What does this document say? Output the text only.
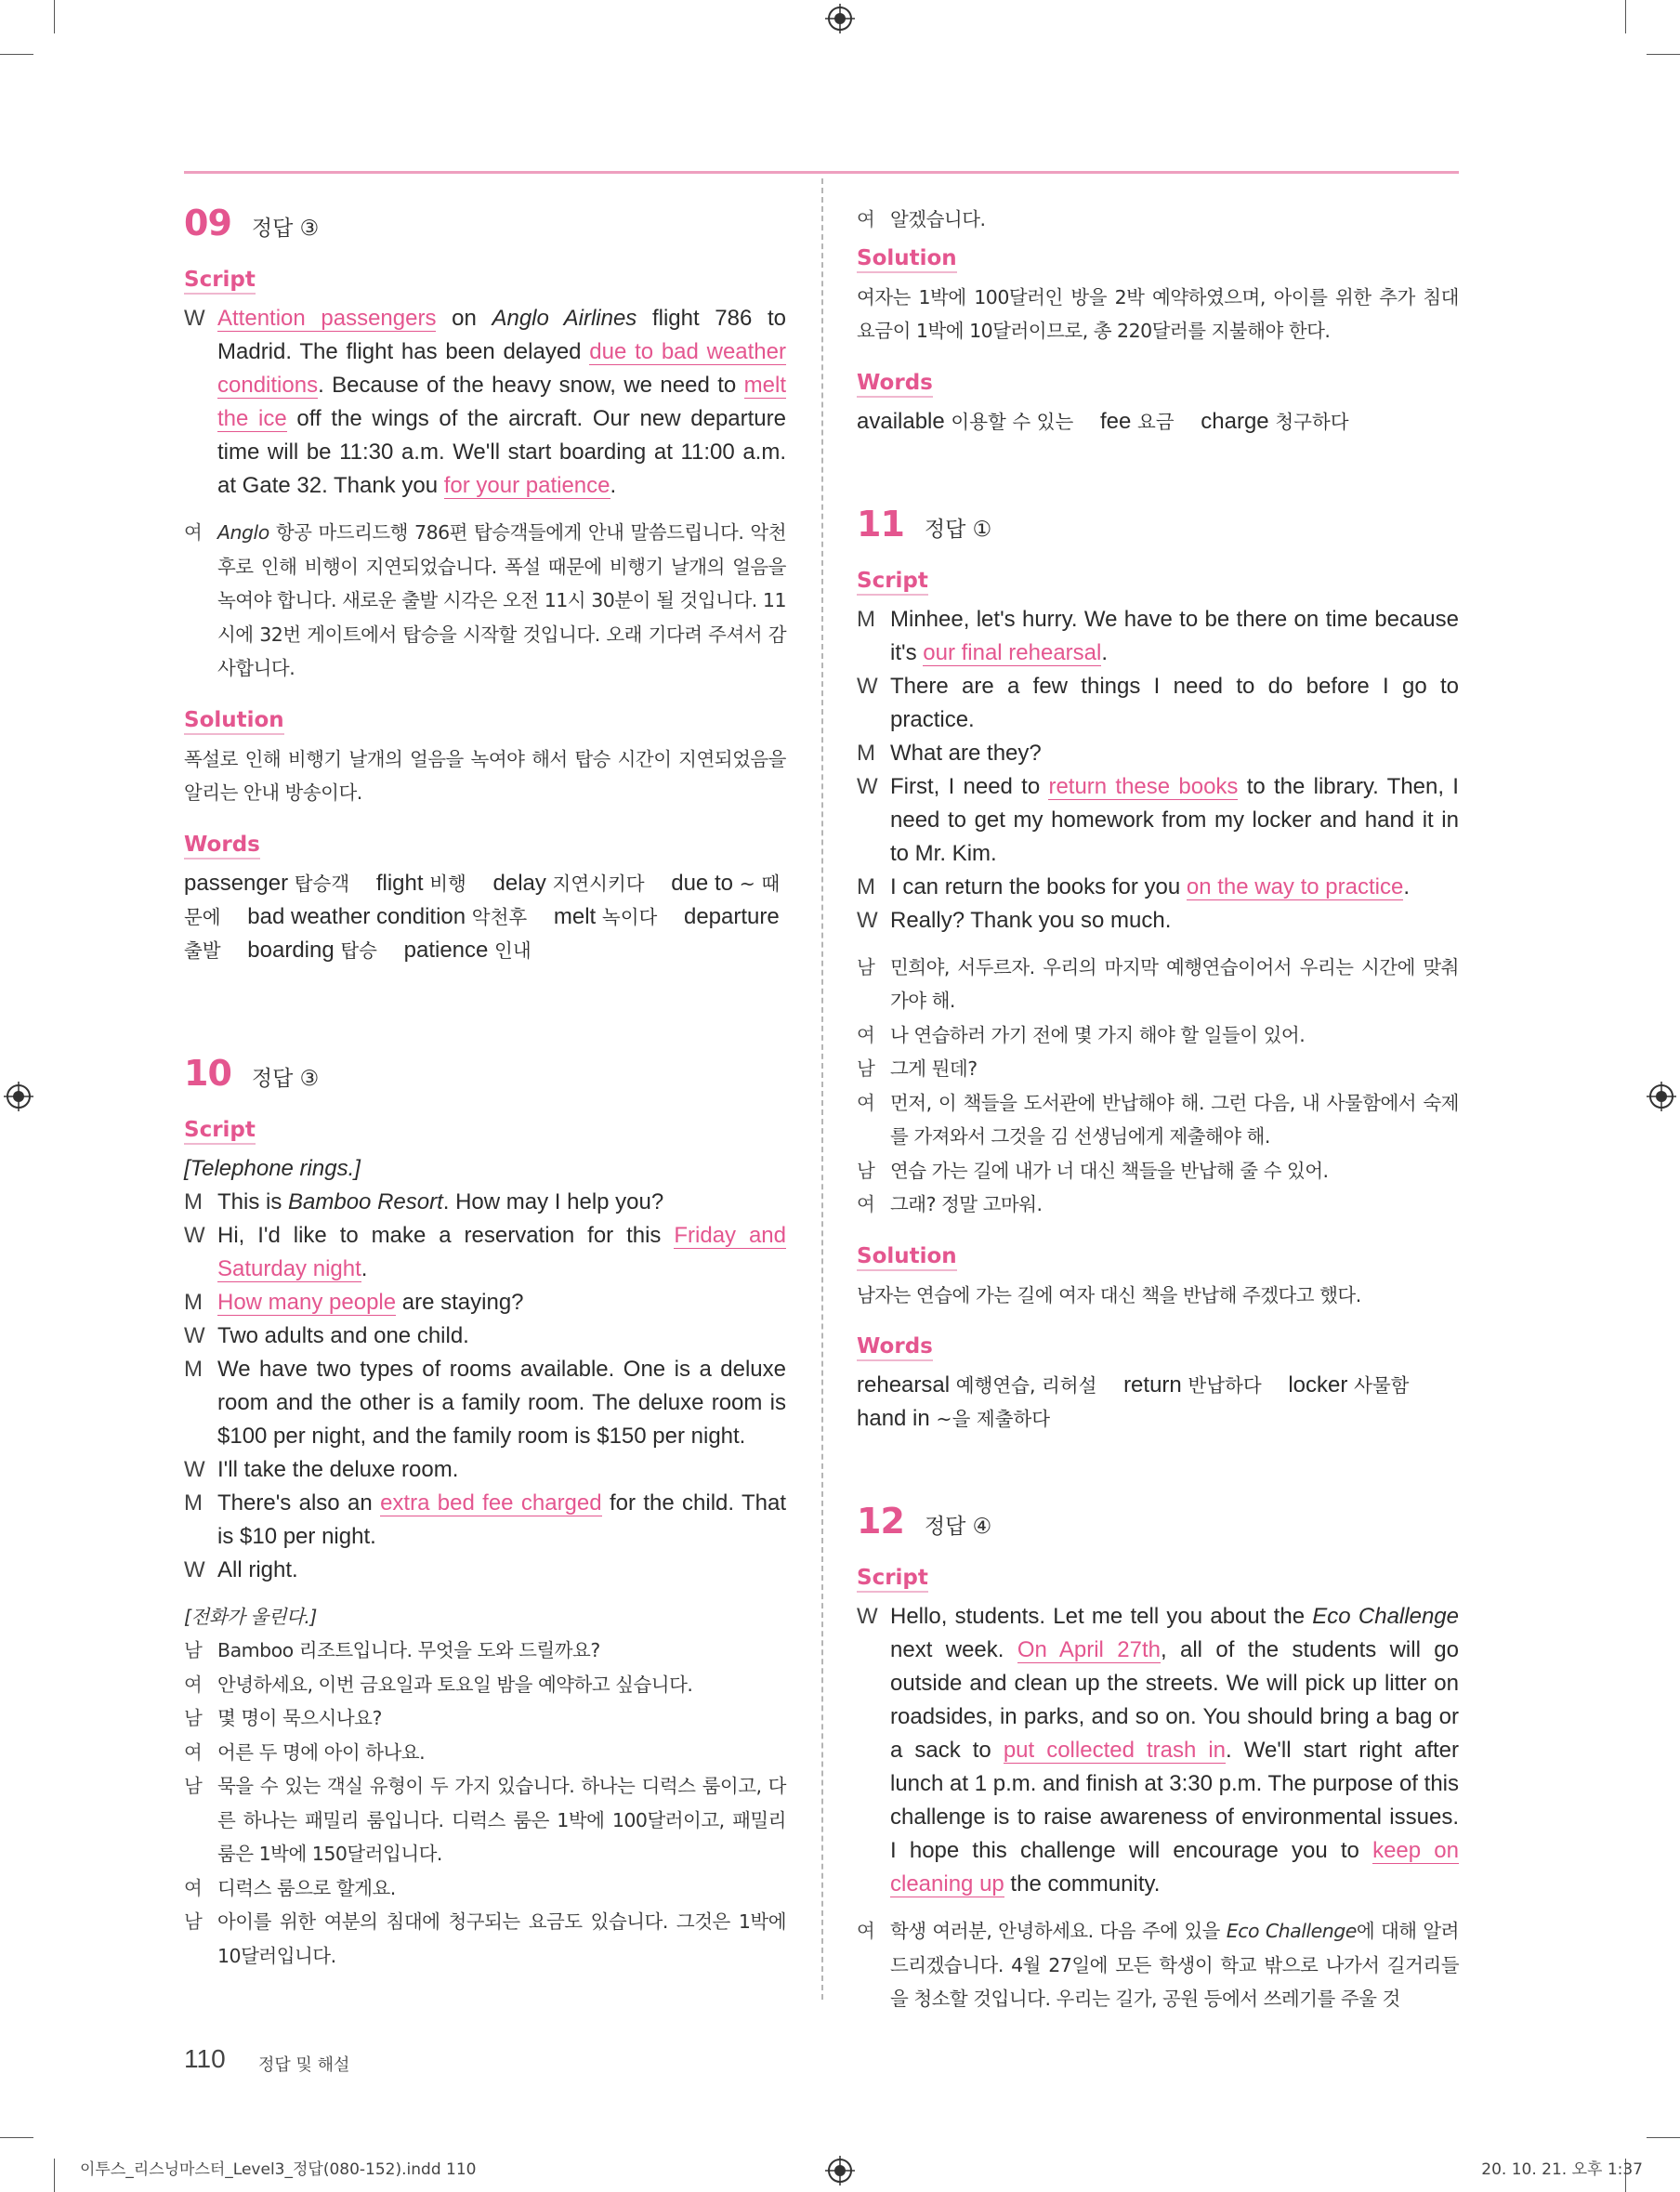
09 정답 ③
Script
W Attention passengers on Anglo Airlines flight 786 to Madrid. The flight has been delayed due to bad weather conditions. Because of the heavy snow, we need to melt the ice off the wings of the aircraft. Our new departure time will be 11:30 a.m. We'll start boarding at 11:00 a.m. at Gate 32. Thank you for your patience.
여 Anglo 항공 마드리드행 786편 탑승객들에게 안내 말씀드립니다. 악천후로 인해 비행이 지연되었습니다. 폭설 때문에 비행기 날개의 얼음을 녹여야 합니다. 새로운 출발 시각은 오전 11시 30분이 될 것입니다. 11시에 32번 게이트에서 탑승을 시작할 것입니다. 오래 기다려 주셔서 감사합니다.
Solution
폭설로 인해 비행기 날개의 얼음을 녹여야 해서 탑승 시간이 지연되었음을 알리는 안내 방송이다.
Words
passenger 탑승객 flight 비행 delay 지연시키다 due to ~ 때문에 bad weather condition 악천후 melt 녹이다 departure 출발 boarding 탑승 patience 인내
10 정답 ③
Script
[Telephone rings.]
M This is Bamboo Resort. How may I help you?
W Hi, I'd like to make a reservation for this Friday and Saturday night.
M How many people are staying?
W Two adults and one child.
M We have two types of rooms available. One is a deluxe room and the other is a family room. The deluxe room is $100 per night, and the family room is $150 per night.
W I'll take the deluxe room.
M There's also an extra bed fee charged for the child. That is $10 per night.
W All right.
[전화가 울린다.]
남 Bamboo 리조트입니다. 무엇을 도와 드릴까요?
여 안녕하세요, 이번 금요일과 토요일 밤을 예약하고 싶습니다.
남 몇 명이 묵으시나요?
여 어른 두 명에 아이 하나요.
남 묵을 수 있는 객실 유형이 두 가지 있습니다. 하나는 디럭스 룸이고, 다른 하나는 패밀리 룸입니다. 디럭스 룸은 1박에 100달러이고, 패밀리 룸은 1박에 150달러입니다.
여 디럭스 룸으로 할게요.
남 아이를 위한 여분의 침대에 청구되는 요금도 있습니다. 그것은 1박에 10달러입니다.
여 알겠습니다.
Solution
여자는 1박에 100달러인 방을 2박 예약하였으며, 아이를 위한 추가 침대 요금이 1박에 10달러이므로, 총 220달러를 지불해야 한다.
Words
available 이용할 수 있는 fee 요금 charge 청구하다
11 정답 ①
Script
M Minhee, let's hurry. We have to be there on time because it's our final rehearsal.
W There are a few things I need to do before I go to practice.
M What are they?
W First, I need to return these books to the library. Then, I need to get my homework from my locker and hand it in to Mr. Kim.
M I can return the books for you on the way to practice.
W Really? Thank you so much.
남 민희야, 서두르자. 우리의 마지막 예행연습이어서 우리는 시간에 맞춰 가야 해.
여 나 연습하러 가기 전에 몇 가지 해야 할 일들이 있어.
남 그게 뭔데?
여 먼저, 이 책들을 도서관에 반납해야 해. 그런 다음, 내 사물함에서 숙제를 가져와서 그것을 김 선생님에게 제출해야 해.
남 연습 가는 길에 내가 너 대신 책들을 반납해 줄 수 있어.
여 그래? 정말 고마워.
Solution
남자는 연습에 가는 길에 여자 대신 책을 반납해 주겠다고 했다.
Words
rehearsal 예행연습, 리허설 return 반납하다 locker 사물함 hand in ~을 제출하다
12 정답 ④
Script
W Hello, students. Let me tell you about the Eco Challenge next week. On April 27th, all of the students will go outside and clean up the streets. We will pick up litter on roadsides, in parks, and so on. You should bring a bag or a sack to put collected trash in. We'll start right after lunch at 1 p.m. and finish at 3:30 p.m. The purpose of this challenge is to raise awareness of environmental issues. I hope this challenge will encourage you to keep on cleaning up the community.
여 학생 여러분, 안녕하세요. 다음 주에 있을 Eco Challenge에 대해 알려 드리겠습니다. 4월 27일에 모든 학생이 학교 밖으로 나가서 길거리들을 청소할 것입니다. 우리는 길가, 공원 등에서 쓰레기를 주울 것
110 정답 및 해설
이투스_리스닝마스터_Level3_정답(080-152).indd 110	20. 10. 21. 오후 1:37
